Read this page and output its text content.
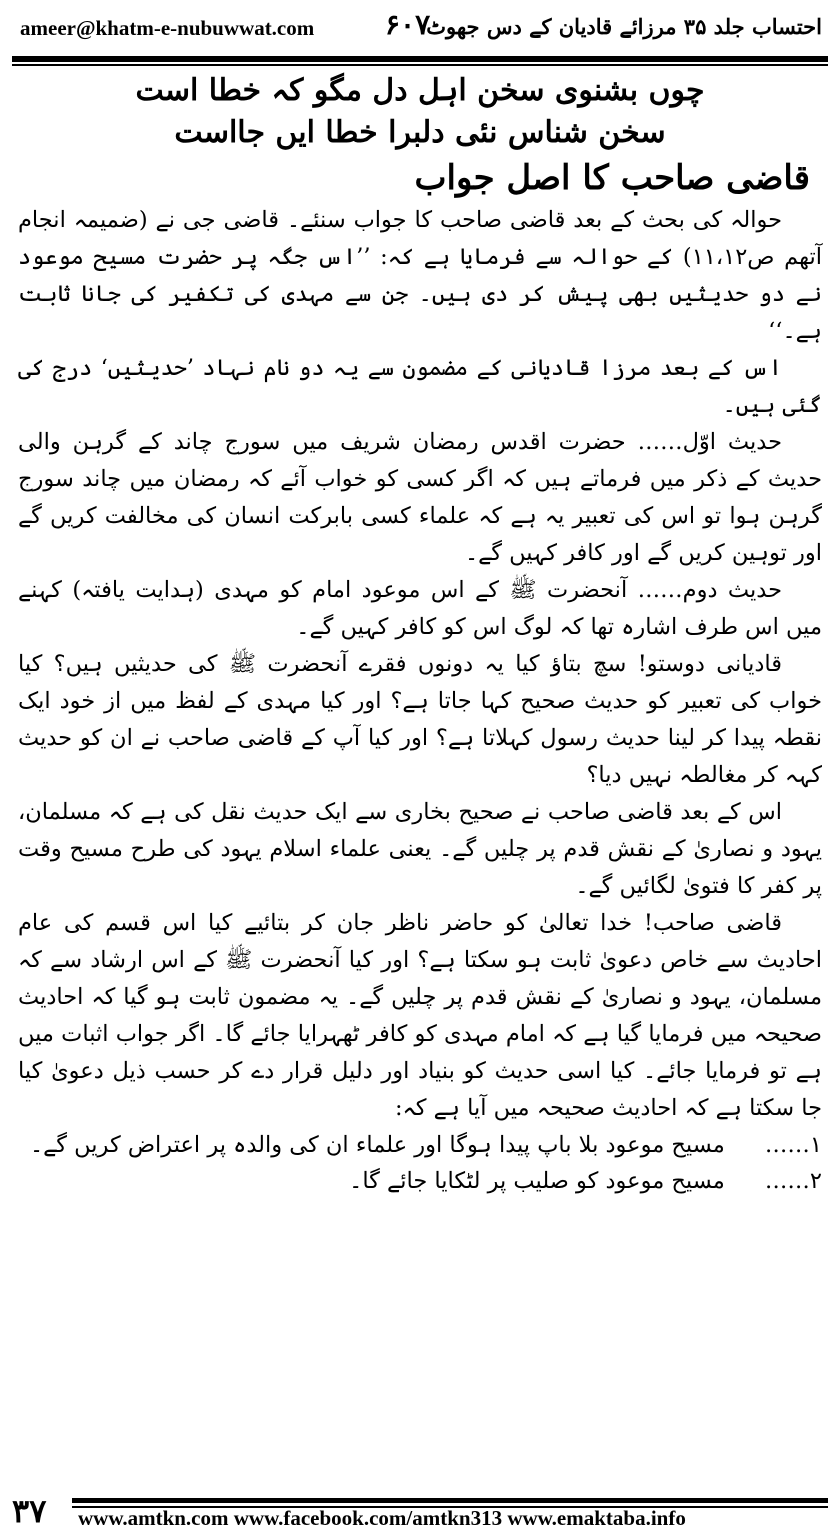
ameer@khatm-e-nubuwwat.com	۶۰۷
احتساب جلد ۳۵ مرزائے قادیان کے دس جھوٹ
چوں بشنوی سخن اہل دل مگو کہ خطا است
سخن شناس نئی دلبرا خطا ایں جااست
قاضی صاحب کا اصل جواب

حوالہ کی بحث کے بعد قاضی صاحب کا جواب سنئے۔ قاضی جی نے (ضمیمہ انجام آتھم ص۱۱،۱۲) کے حوالہ سے فرمایا ہے کہ: ’’اس جگہ پر حضرت مسیح موعود نے دو حدیثیں بھی پیش کر دی ہیں۔ جن سے مہدی کی تکفیر کی جانا ثابت ہے۔‘‘

اس کے بعد مرزا قادیانی کے مضمون سے یہ دو نام نہاد ’حدیثیں‘ درج کی گئی ہیں۔

حدیث اوّل…… حضرت اقدس رمضان شریف میں سورج چاند کے گرہن والی حدیث کے ذکر میں فرماتے ہیں کہ اگر کسی کو خواب آئے کہ رمضان میں چاند سورج گرہن ہوا تو اس کی تعبیر یہ ہے کہ علماء کسی بابرکت انسان کی مخالفت کریں گے اور توہین کریں گے اور کافر کہیں گے۔

حدیث دوم…… آنحضرت ﷺ کے اس موعود امام کو مہدی (ہدایت یافتہ) کہنے میں اس طرف اشارہ تھا کہ لوگ اس کو کافر کہیں گے۔

قادیانی دوستو! سچ بتاؤ کیا یہ دونوں فقرے آنحضرت ﷺ کی حدیثیں ہیں؟ کیا خواب کی تعبیر کو حدیث صحیح کہا جاتا ہے؟ اور کیا مہدی کے لفظ میں از خود ایک نقطہ پیدا کر لینا حدیث رسول کہلاتا ہے؟ اور کیا آپ کے قاضی صاحب نے ان کو حدیث کہہ کر مغالطہ نہیں دیا؟

اس کے بعد قاضی صاحب نے صحیح بخاری سے ایک حدیث نقل کی ہے کہ مسلمان، یہود و نصاریٰ کے نقش قدم پر چلیں گے۔ یعنی علماء اسلام یہود کی طرح مسیح وقت پر کفر کا فتویٰ لگائیں گے۔

قاضی صاحب! خدا تعالیٰ کو حاضر ناظر جان کر بتائیے کیا اس قسم کی عام احادیث سے خاص دعویٰ ثابت ہو سکتا ہے؟ اور کیا آنحضرت ﷺ کے اس ارشاد سے کہ مسلمان، یہود و نصاریٰ کے نقش قدم پر چلیں گے۔ یہ مضمون ثابت ہو گیا کہ احادیث صحیحہ میں فرمایا گیا ہے کہ امام مہدی کو کافر ٹھہرایا جائے گا۔ اگر جواب اثبات میں ہے تو فرمایا جائے۔ کیا اسی حدیث کو بنیاد اور دلیل قرار دے کر حسب ذیل دعویٰ کیا جا سکتا ہے کہ احادیث صحیحہ میں آیا ہے کہ:

۱…… مسیح موعود بلا باپ پیدا ہوگا اور علماء ان کی والدہ پر اعتراض کریں گے۔
۲…… مسیح موعود کو صلیب پر لٹکایا جائے گا۔
۳۷ www.amtkn.com www.facebook.com/amtkn313 www.emaktaba.info
